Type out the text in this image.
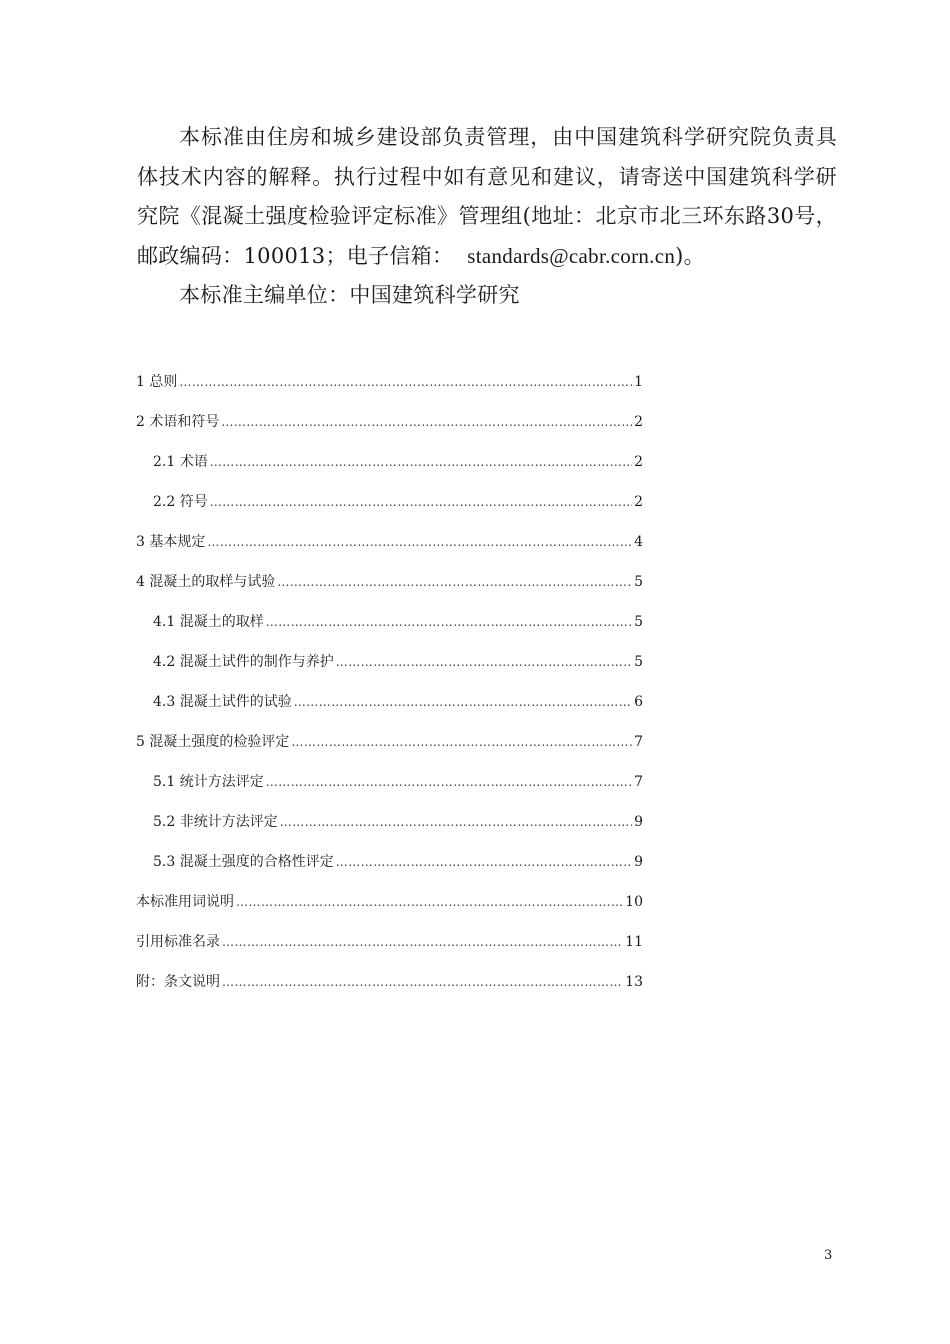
本标准由住房和城乡建设部负责管理，由中国建筑科学研究院负责具体技术内容的解释。执行过程中如有意见和建议，请寄送中国建筑科学研究院《混凝土强度检验评定标准》管理组(地址：北京市北三环东路30号，邮政编码：100013；电子信箱： standards@cabr.corn.cn)。

本标准主编单位：中国建筑科学研究

1 总则 …………………………………………………………………………………………………………………………………………………………………………………………	1
2 术语和符号 …………………………………………………………………………………………………………………………………………………………………………………………	2
2.1 术语 …………………………………………………………………………………………………………………………………………………………………………………………	2
2.2 符号 …………………………………………………………………………………………………………………………………………………………………………………………	2
3 基本规定 …………………………………………………………………………………………………………………………………………………………………………………………	4
4 混凝土的取样与试验 …………………………………………………………………………………………………………………………………………………………………………………………	5
4.1 混凝土的取样 …………………………………………………………………………………………………………………………………………………………………………………………	5
4.2 混凝土试件的制作与养护 …………………………………………………………………………………………………………………………………………………………………………………………	5
4.3 混凝土试件的试验 …………………………………………………………………………………………………………………………………………………………………………………………	6
5 混凝土强度的检验评定 …………………………………………………………………………………………………………………………………………………………………………………………	7
5.1 统计方法评定 …………………………………………………………………………………………………………………………………………………………………………………………	7
5.2 非统计方法评定 …………………………………………………………………………………………………………………………………………………………………………………………	9
5.3 混凝土强度的合格性评定 …………………………………………………………………………………………………………………………………………………………………………………………	9
本标准用词说明 …………………………………………………………………………………………………………………………………………………………………………………………	10
引用标准名录 …………………………………………………………………………………………………………………………………………………………………………………………	11
附：条文说明 …………………………………………………………………………………………………………………………………………………………………………………………	13
3
